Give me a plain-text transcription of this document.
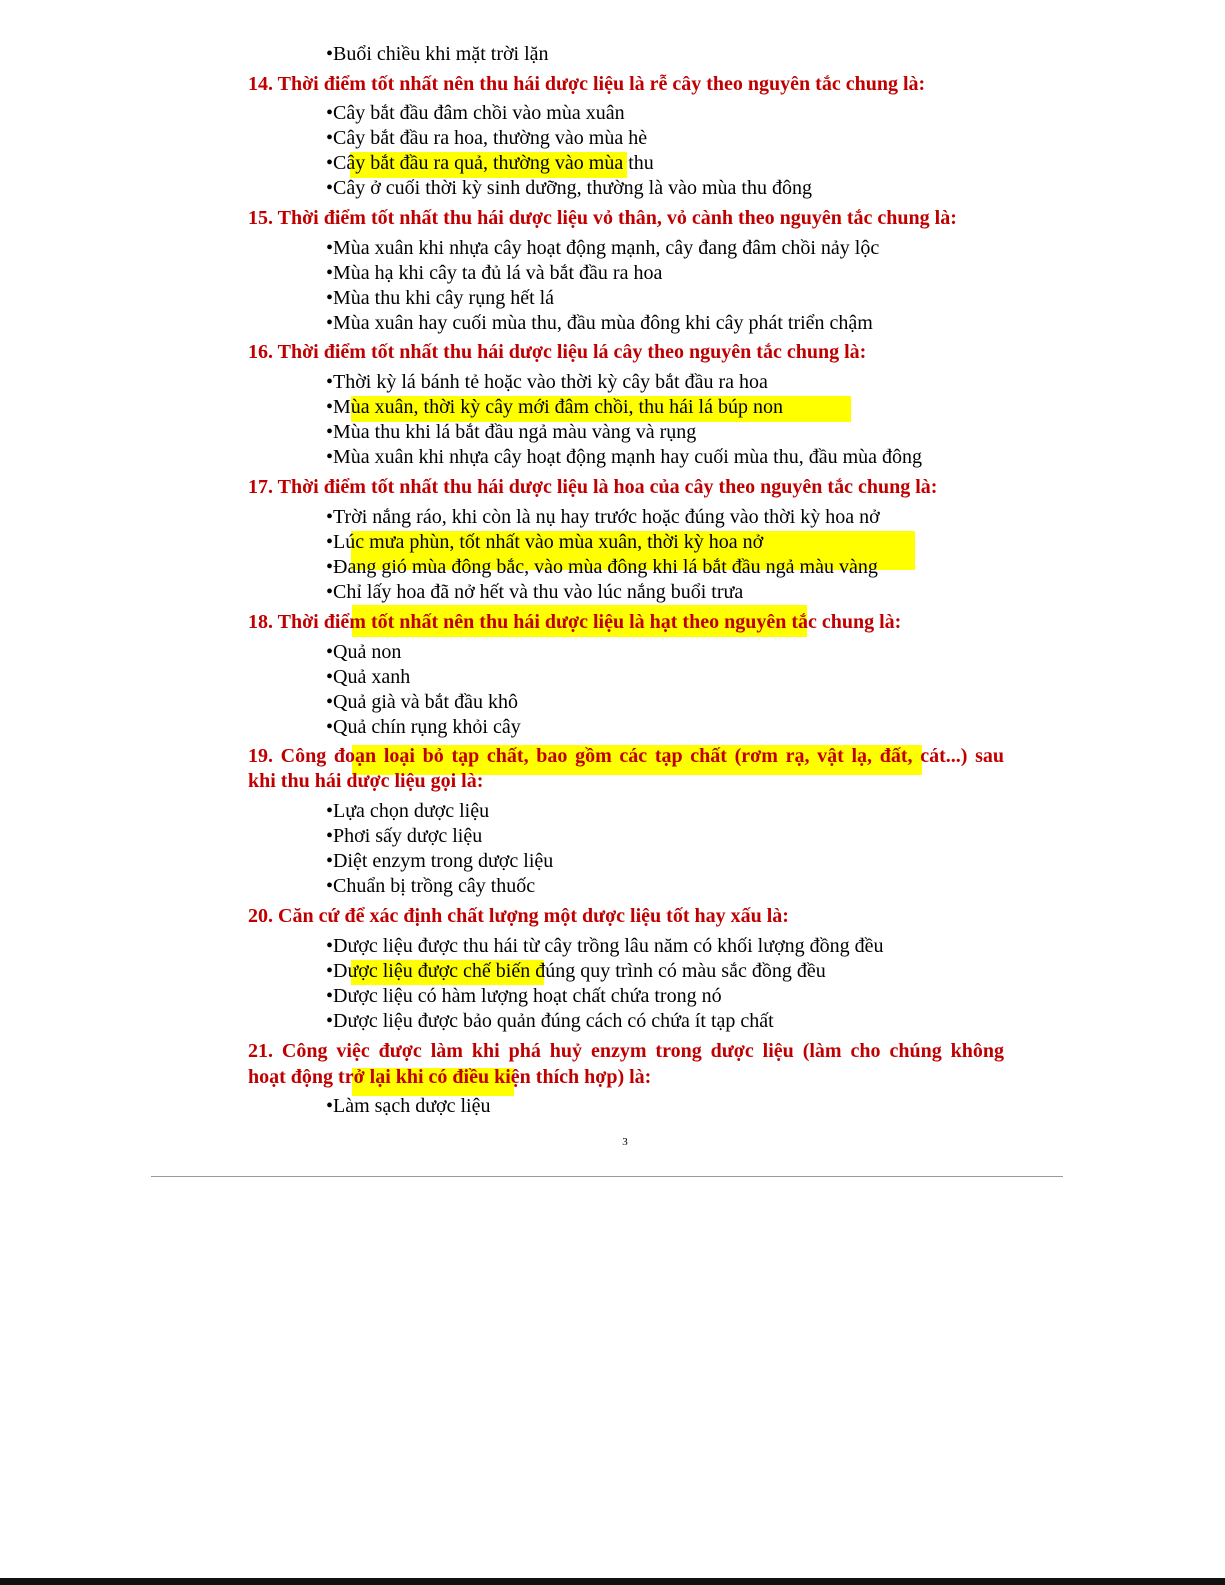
•Buổi chiều khi mặt trời lặn
14. Thời điểm tốt nhất nên thu hái dược liệu là rễ cây theo nguyên tắc chung là:
•Cây bắt đầu đâm chồi vào mùa xuân
•Cây bắt đầu ra hoa, thường vào mùa hè
•Cây bắt đầu ra quả, thường vào mùa thu
•Cây ở cuối thời kỳ sinh dưỡng, thường là vào mùa thu đông
15. Thời điểm tốt nhất thu hái dược liệu vỏ thân, vỏ cành theo nguyên tắc chung là:
•Mùa xuân khi nhựa cây hoạt động mạnh, cây đang đâm chồi nảy lộc
•Mùa hạ khi cây ta đủ lá và bắt đầu ra hoa
•Mùa thu khi cây rụng hết lá
•Mùa xuân hay cuối mùa thu, đầu mùa đông khi cây phát triển chậm
16. Thời điểm tốt nhất thu hái dược liệu lá cây theo nguyên tắc chung là:
•Thời kỳ lá bánh tẻ hoặc vào thời kỳ cây bắt đầu ra hoa
•Mùa xuân, thời kỳ cây mới đâm chồi, thu hái lá búp non
•Mùa thu khi lá bắt đầu ngả màu vàng và rụng
•Mùa xuân khi nhựa cây hoạt động mạnh hay cuối mùa thu, đầu mùa đông
17. Thời điểm tốt nhất thu hái dược liệu là hoa của cây theo nguyên tắc chung là:
•Trời nắng ráo, khi còn là nụ hay trước hoặc đúng vào thời kỳ hoa nở
•Lúc mưa phùn, tốt nhất vào mùa xuân, thời kỳ hoa nở
•Đang gió mùa đông bắc, vào mùa đông khi lá bắt đầu ngả màu vàng
•Chỉ lấy hoa đã nở hết và thu vào lúc nắng buổi trưa
18. Thời điểm tốt nhất nên thu hái dược liệu là hạt theo nguyên tắc chung là:
•Quả non
•Quả xanh
•Quả già và bắt đầu khô
•Quả chín rụng khỏi cây
19. Công đoạn loại bỏ tạp chất, bao gồm các tạp chất (rơm rạ, vật lạ, đất, cát...) sau
khi thu hái dược liệu gọi là:
•Lựa chọn dược liệu
•Phơi sấy dược liệu
•Diệt enzym trong dược liệu
•Chuẩn bị trồng cây thuốc
20. Căn cứ để xác định chất lượng một dược liệu tốt hay xấu là:
•Dược liệu được thu hái từ cây trồng lâu năm có khối lượng đồng đều
•Dược liệu được chế biến đúng quy trình có màu sắc đồng đều
•Dược liệu có hàm lượng hoạt chất chứa trong nó
•Dược liệu được bảo quản đúng cách có chứa ít tạp chất
21. Công việc được làm khi phá huỷ enzym trong dược liệu (làm cho chúng không
hoạt động trở lại khi có điều kiện thích hợp) là:
•Làm sạch dược liệu
3
